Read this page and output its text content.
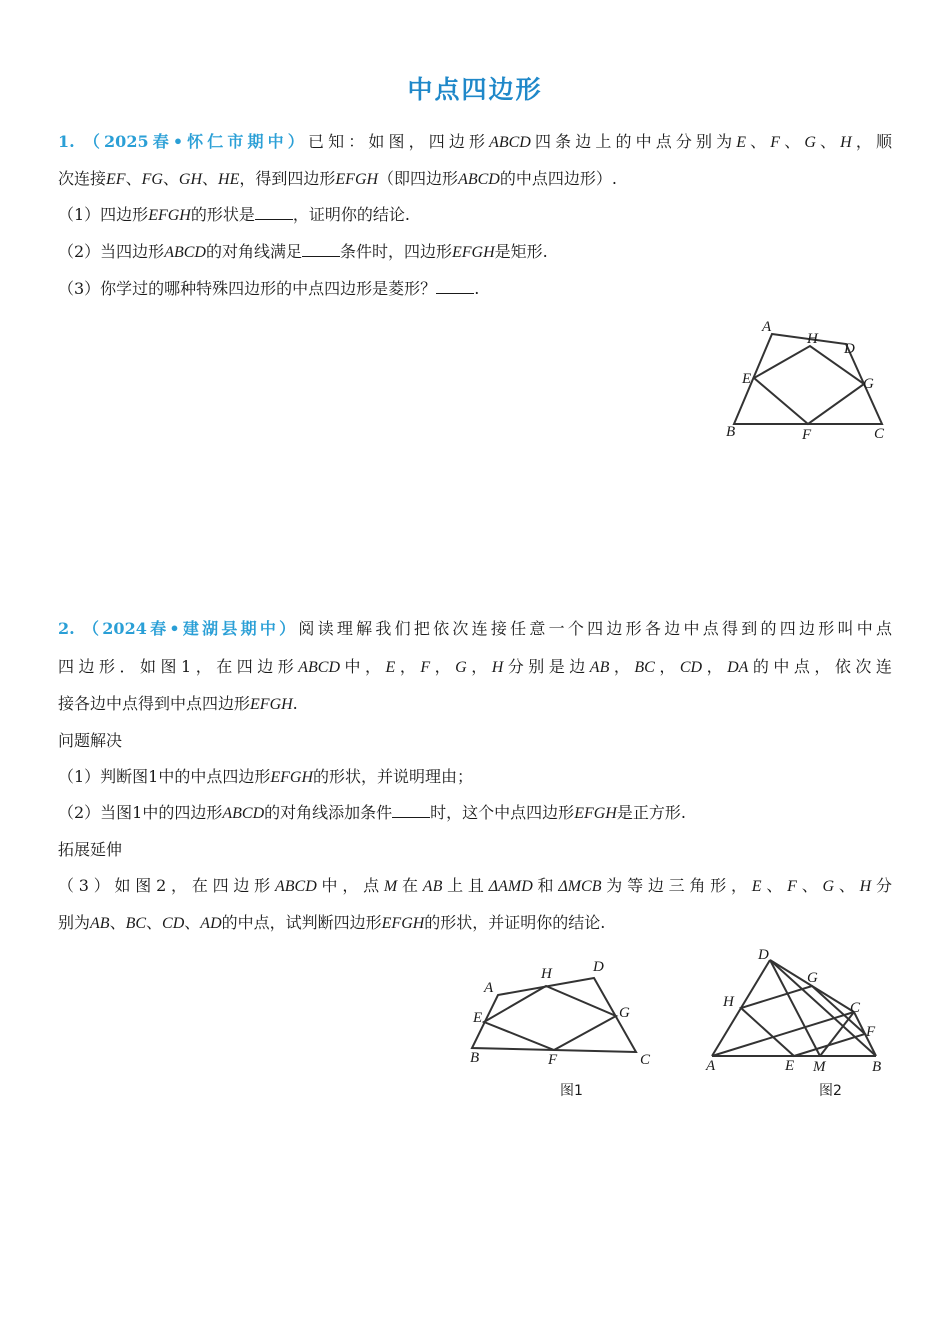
中点四边形
1. （2025春•怀仁市期中）已知：如图，四边形ABCD四条边上的中点分别为E、F、G、H，顺
次连接EF、FG、GH、HE，得到四边形EFGH（即四边形ABCD的中点四边形）.
（1）四边形EFGH的形状是 ，证明你的结论.
（2）当四边形ABCD的对角线满足 条件时，四边形EFGH是矩形.
（3）你学过的哪种特殊四边形的中点四边形是菱形？ .
A
H
D
E	G
B	F	C
2. （2024春•建湖县期中）阅读理解我们把依次连接任意一个四边形各边中点得到的四边形叫中点
四边形．如图1，在四边形ABCD中，E，F，G，H分别是边AB，BC，CD，DA的中点，依次连
接各边中点得到中点四边形EFGH.
问题解决
（1）判断图1中的中点四边形EFGH的形状，并说明理由；
（2）当图1中的四边形ABCD的对角线添加条件 时，这个中点四边形EFGH是正方形.
拓展延伸
（3）如图2，在四边形ABCD中，点M在AB上且ΔAMD和ΔMCB为等边三角形，E、F、G、H分
别为AB、BC、CD、AD的中点，试判断四边形EFGH的形状，并证明你的结论.
A
H	D
E	G
B	F	C
图1
D
G
H	C
F
A	E M	B
图2
